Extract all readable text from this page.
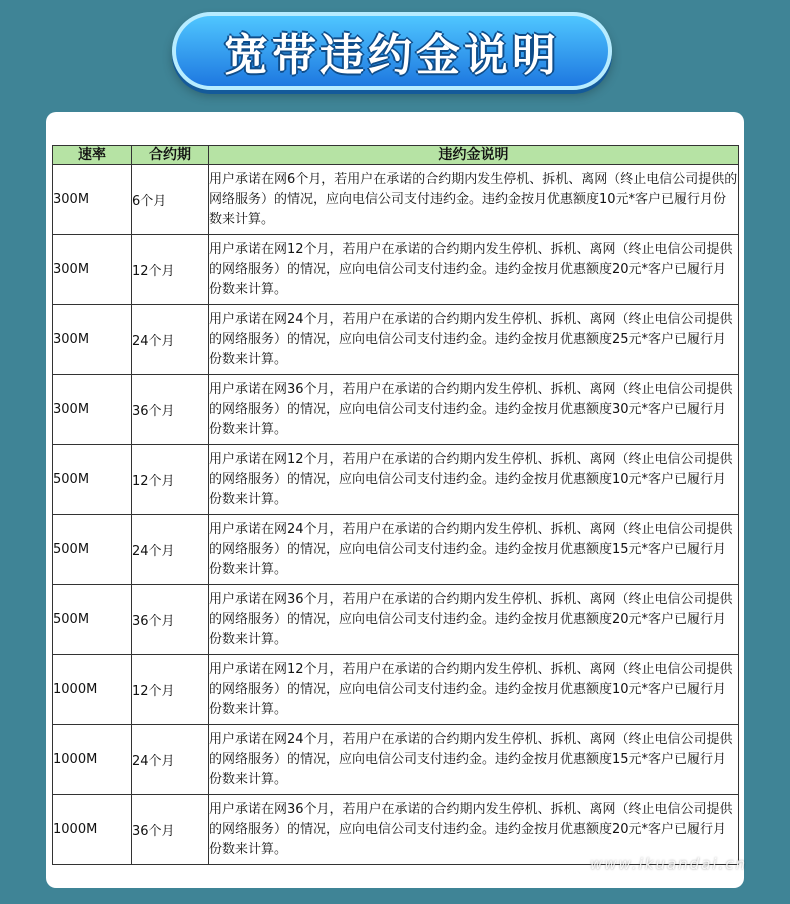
宽带违约金说明
速率	合约期	违约金说明
300M	6个月	用户承诺在网6个月，若用户在承诺的合约期内发生停机、拆机、离网（终止电信公司提供的网络服务）的情况，应向电信公司支付违约金。违约金按月优惠额度10元*客户已履行月份数来计算。
300M	12个月	用户承诺在网12个月，若用户在承诺的合约期内发生停机、拆机、离网（终止电信公司提供的网络服务）的情况，应向电信公司支付违约金。违约金按月优惠额度20元*客户已履行月份数来计算。
300M	24个月	用户承诺在网24个月，若用户在承诺的合约期内发生停机、拆机、离网（终止电信公司提供的网络服务）的情况，应向电信公司支付违约金。违约金按月优惠额度25元*客户已履行月份数来计算。
300M	36个月	用户承诺在网36个月，若用户在承诺的合约期内发生停机、拆机、离网（终止电信公司提供的网络服务）的情况，应向电信公司支付违约金。违约金按月优惠额度30元*客户已履行月份数来计算。
500M	12个月	用户承诺在网12个月，若用户在承诺的合约期内发生停机、拆机、离网（终止电信公司提供的网络服务）的情况，应向电信公司支付违约金。违约金按月优惠额度10元*客户已履行月份数来计算。
500M	24个月	用户承诺在网24个月，若用户在承诺的合约期内发生停机、拆机、离网（终止电信公司提供的网络服务）的情况，应向电信公司支付违约金。违约金按月优惠额度15元*客户已履行月份数来计算。
500M	36个月	用户承诺在网36个月，若用户在承诺的合约期内发生停机、拆机、离网（终止电信公司提供的网络服务）的情况，应向电信公司支付违约金。违约金按月优惠额度20元*客户已履行月份数来计算。
1000M	12个月	用户承诺在网12个月，若用户在承诺的合约期内发生停机、拆机、离网（终止电信公司提供的网络服务）的情况，应向电信公司支付违约金。违约金按月优惠额度10元*客户已履行月份数来计算。
1000M	24个月	用户承诺在网24个月，若用户在承诺的合约期内发生停机、拆机、离网（终止电信公司提供的网络服务）的情况，应向电信公司支付违约金。违约金按月优惠额度15元*客户已履行月份数来计算。
1000M	36个月	用户承诺在网36个月，若用户在承诺的合约期内发生停机、拆机、离网（终止电信公司提供的网络服务）的情况，应向电信公司支付违约金。违约金按月优惠额度20元*客户已履行月份数来计算。
www.ikuandai.cn
